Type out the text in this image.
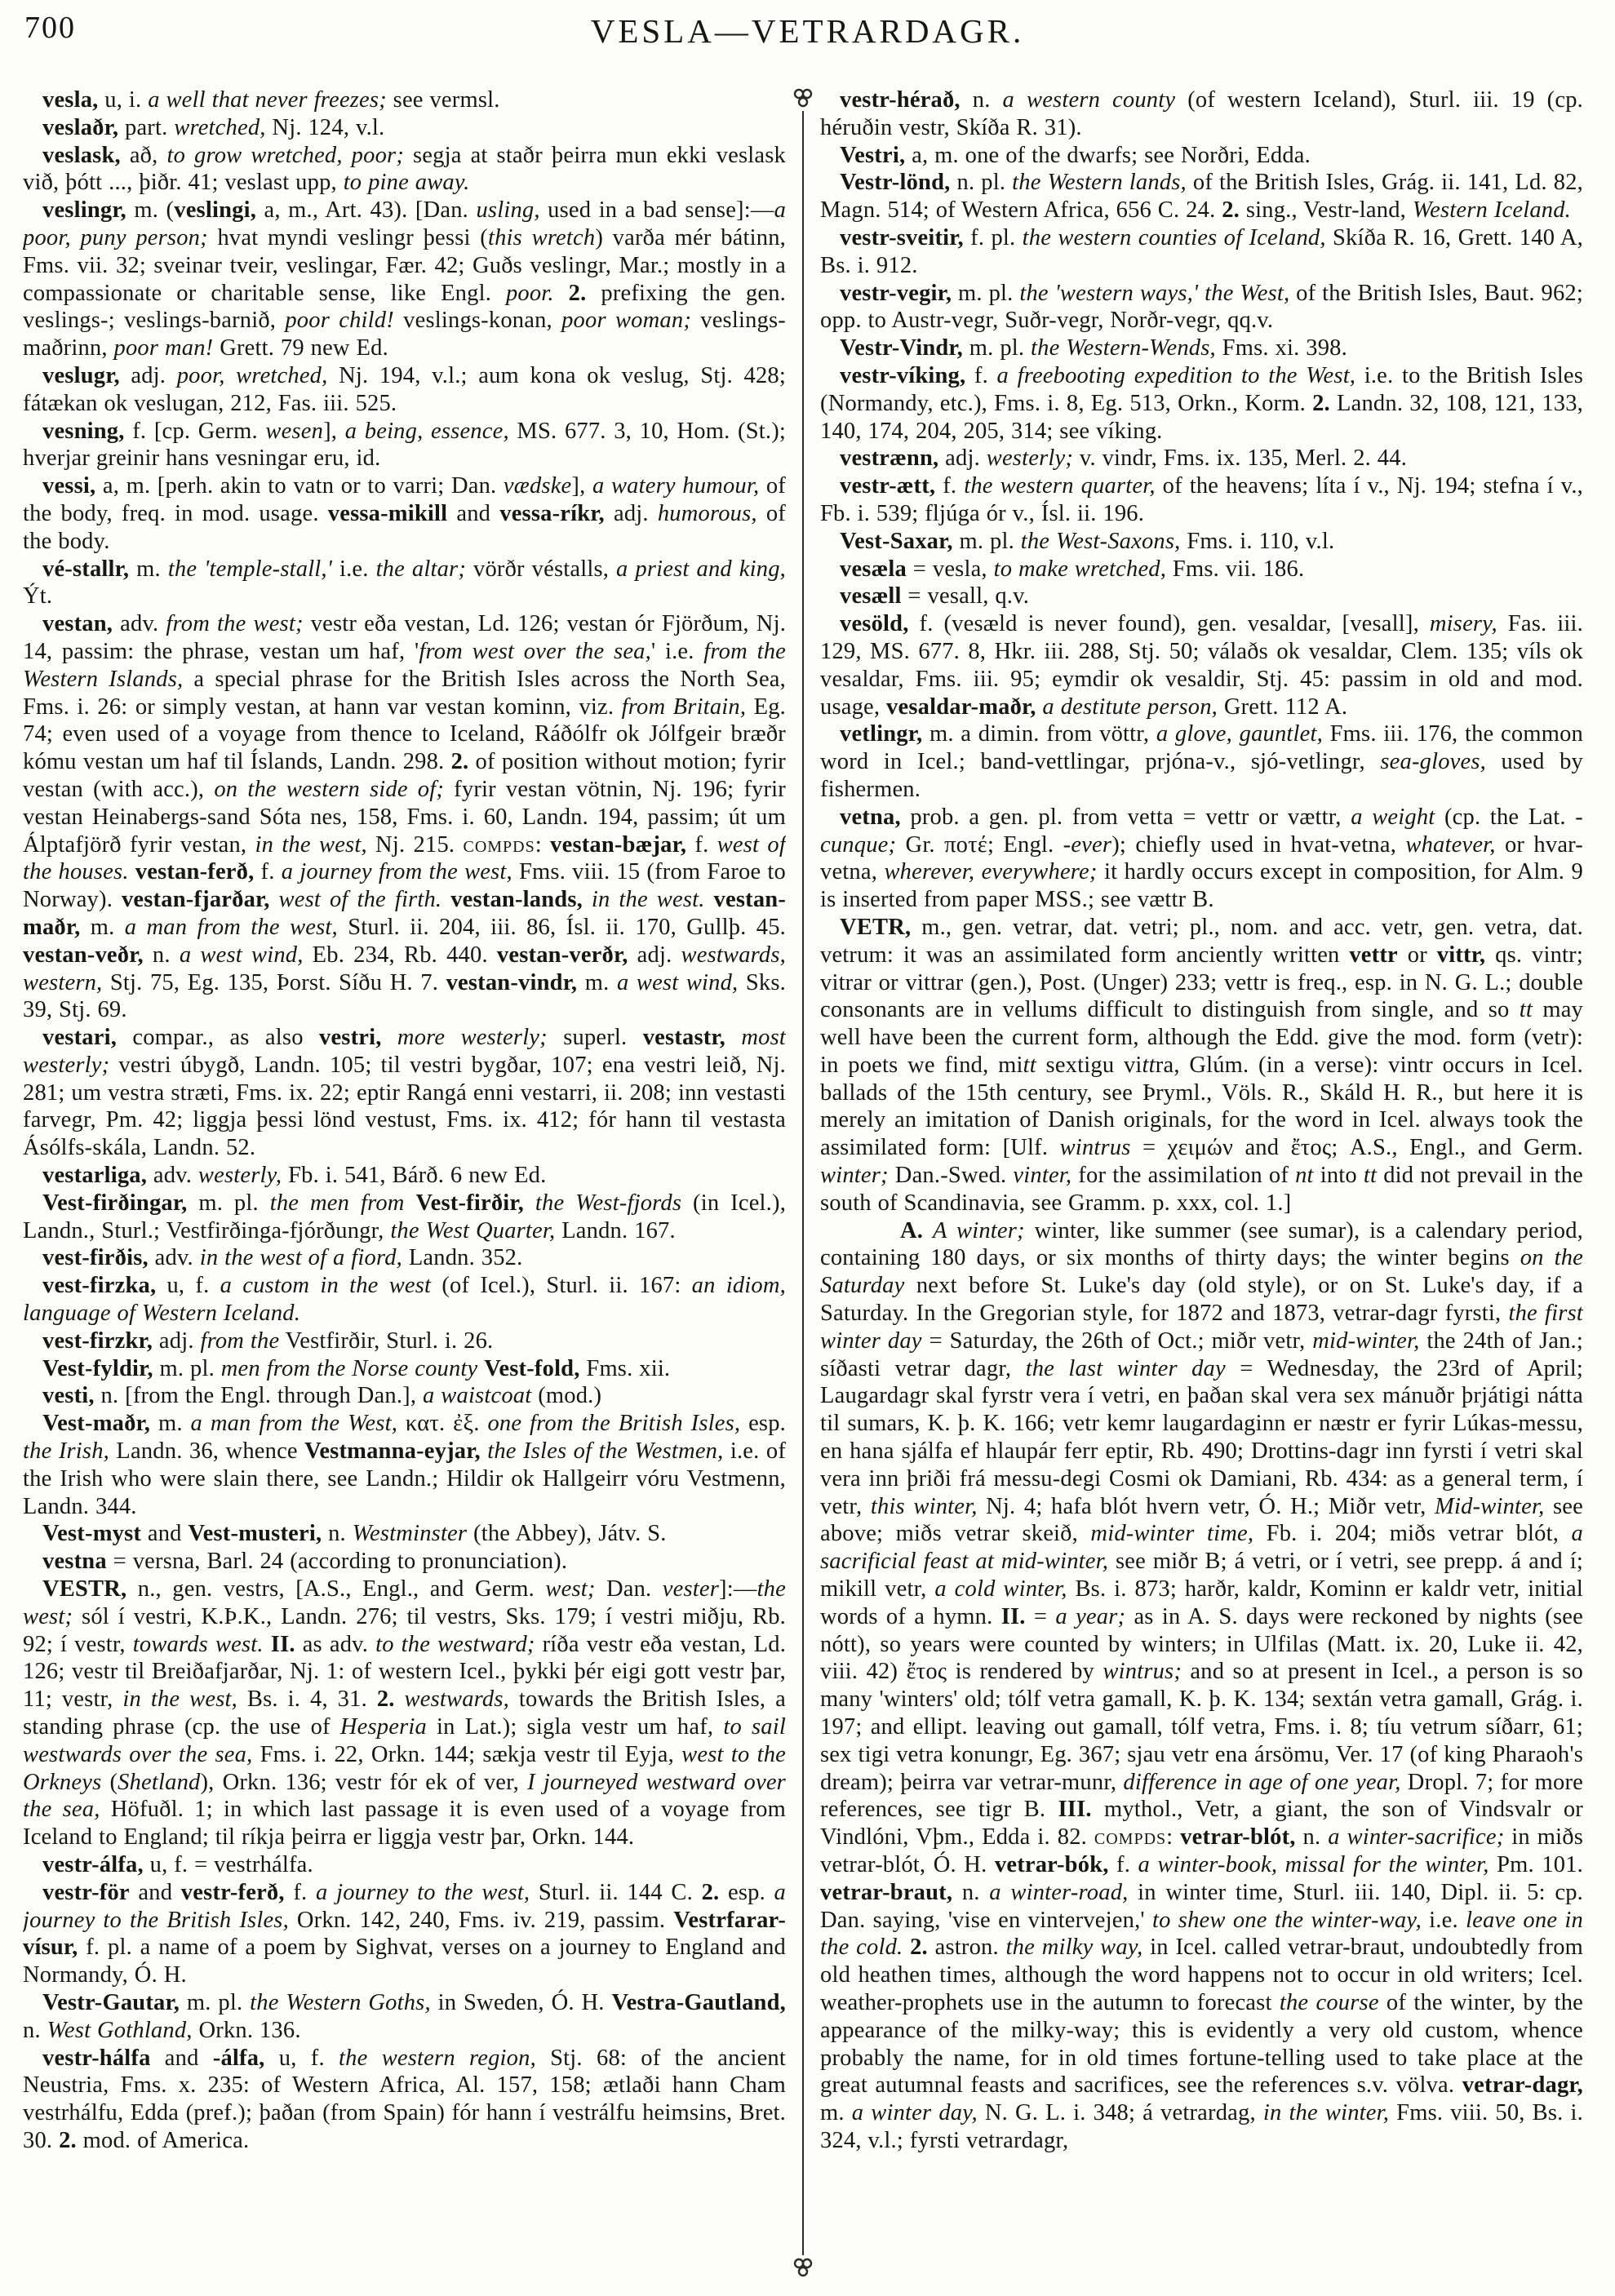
700	VESLA—VETRARDAGR.

vesla, u, i. a well that never freezes; see vermsl.

veslaðr, part. wretched, Nj. 124, v.l.

veslask, að, to grow wretched, poor; segja at staðr þeirra mun ekki veslask við, þótt ..., þiðr. 41; veslast upp, to pine away.

veslingr, m. (veslingi, a, m., Art. 43). [Dan. usling, used in a bad sense]:—a poor, puny person; hvat myndi veslingr þessi (this wretch) varða mér bátinn, Fms. vii. 32; sveinar tveir, veslingar, Fær. 42; Guðs veslingr, Mar.; mostly in a compassionate or charitable sense, like Engl. poor. 2. prefixing the gen. veslings-; veslings-barnið, poor child! veslings-konan, poor woman; veslings-maðrinn, poor man! Grett. 79 new Ed.

veslugr, adj. poor, wretched, Nj. 194, v.l.; aum kona ok veslug, Stj. 428; fátækan ok veslugan, 212, Fas. iii. 525.

vesning, f. [cp. Germ. wesen], a being, essence, MS. 677. 3, 10, Hom. (St.); hverjar greinir hans vesningar eru, id.

vessi, a, m. [perh. akin to vatn or to varri; Dan. vædske], a watery humour, of the body, freq. in mod. usage. vessa-mikill and vessa-ríkr, adj. humorous, of the body.

vé-stallr, m. the 'temple-stall,' i.e. the altar; vörðr véstalls, a priest and king, Ýt.

vestan, adv. from the west; vestr eða vestan, Ld. 126; vestan ór Fjörðum, Nj. 14, passim: the phrase, vestan um haf, 'from west over the sea,' i.e. from the Western Islands, a special phrase for the British Isles across the North Sea, Fms. i. 26: or simply vestan, at hann var vestan kominn, viz. from Britain, Eg. 74; even used of a voyage from thence to Iceland, Ráðólfr ok Jólfgeir bræðr kómu vestan um haf til Íslands, Landn. 298. 2. of position without motion; fyrir vestan (with acc.), on the western side of; fyrir vestan vötnin, Nj. 196; fyrir vestan Heinabergs-sand Sóta nes, 158, Fms. i. 60, Landn. 194, passim; út um Álptafjörð fyrir vestan, in the west, Nj. 215. compds: vestan-bæjar, f. west of the houses. vestan-ferð, f. a journey from the west, Fms. viii. 15 (from Faroe to Norway). vestan-fjarðar, west of the firth. vestan-lands, in the west. vestan-maðr, m. a man from the west, Sturl. ii. 204, iii. 86, Ísl. ii. 170, Gullþ. 45. vestan-veðr, n. a west wind, Eb. 234, Rb. 440. vestan-verðr, adj. westwards, western, Stj. 75, Eg. 135, Þorst. Síðu H. 7. vestan-vindr, m. a west wind, Sks. 39, Stj. 69.

vestari, compar., as also vestri, more westerly; superl. vestastr, most westerly; vestri úbygð, Landn. 105; til vestri bygðar, 107; ena vestri leið, Nj. 281; um vestra stræti, Fms. ix. 22; eptir Rangá enni vestarri, ii. 208; inn vestasti farvegr, Pm. 42; liggja þessi lönd vestust, Fms. ix. 412; fór hann til vestasta Ásólfs-skála, Landn. 52.

vestarliga, adv. westerly, Fb. i. 541, Bárð. 6 new Ed.

Vest-firðingar, m. pl. the men from Vest-firðir, the West-fjords (in Icel.), Landn., Sturl.; Vestfirðinga-fjórðungr, the West Quarter, Landn. 167.

vest-firðis, adv. in the west of a fiord, Landn. 352.

vest-firzka, u, f. a custom in the west (of Icel.), Sturl. ii. 167: an idiom, language of Western Iceland.

vest-firzkr, adj. from the Vestfirðir, Sturl. i. 26.

Vest-fyldir, m. pl. men from the Norse county Vest-fold, Fms. xii.

vesti, n. [from the Engl. through Dan.], a waistcoat (mod.)

Vest-maðr, m. a man from the West, κατ. ἐξ. one from the British Isles, esp. the Irish, Landn. 36, whence Vestmanna-eyjar, the Isles of the Westmen, i.e. of the Irish who were slain there, see Landn.; Hildir ok Hallgeirr vóru Vestmenn, Landn. 344.

Vest-myst and Vest-musteri, n. Westminster (the Abbey), Játv. S.

vestna = versna, Barl. 24 (according to pronunciation).

VESTR, n., gen. vestrs, [A.S., Engl., and Germ. west; Dan. vester]:—the west; sól í vestri, K.Þ.K., Landn. 276; til vestrs, Sks. 179; í vestri miðju, Rb. 92; í vestr, towards west. II. as adv. to the westward; ríða vestr eða vestan, Ld. 126; vestr til Breiðafjarðar, Nj. 1: of western Icel., þykki þér eigi gott vestr þar, 11; vestr, in the west, Bs. i. 4, 31. 2. westwards, towards the British Isles, a standing phrase (cp. the use of Hesperia in Lat.); sigla vestr um haf, to sail westwards over the sea, Fms. i. 22, Orkn. 144; sækja vestr til Eyja, west to the Orkneys (Shetland), Orkn. 136; vestr fór ek of ver, I journeyed westward over the sea, Höfuðl. 1; in which last passage it is even used of a voyage from Iceland to England; til ríkja þeirra er liggja vestr þar, Orkn. 144.

vestr-álfa, u, f. = vestrhálfa.

vestr-för and vestr-ferð, f. a journey to the west, Sturl. ii. 144 C. 2. esp. a journey to the British Isles, Orkn. 142, 240, Fms. iv. 219, passim. Vestrfarar-vísur, f. pl. a name of a poem by Sighvat, verses on a journey to England and Normandy, Ó. H.

Vestr-Gautar, m. pl. the Western Goths, in Sweden, Ó. H. Vestra-Gautland, n. West Gothland, Orkn. 136.

vestr-hálfa and -álfa, u, f. the western region, Stj. 68: of the ancient Neustria, Fms. x. 235: of Western Africa, Al. 157, 158; ætlaði hann Cham vestrhálfu, Edda (pref.); þaðan (from Spain) fór hann í vestrálfu heimsins, Bret. 30. 2. mod. of America.

vestr-hérað, n. a western county (of western Iceland), Sturl. iii. 19 (cp. héruðin vestr, Skíða R. 31).

Vestri, a, m. one of the dwarfs; see Norðri, Edda.

Vestr-lönd, n. pl. the Western lands, of the British Isles, Grág. ii. 141, Ld. 82, Magn. 514; of Western Africa, 656 C. 24. 2. sing., Vestr-land, Western Iceland.

vestr-sveitir, f. pl. the western counties of Iceland, Skíða R. 16, Grett. 140 A, Bs. i. 912.

vestr-vegir, m. pl. the 'western ways,' the West, of the British Isles, Baut. 962; opp. to Austr-vegr, Suðr-vegr, Norðr-vegr, qq.v.

Vestr-Vindr, m. pl. the Western-Wends, Fms. xi. 398.

vestr-víking, f. a freebooting expedition to the West, i.e. to the British Isles (Normandy, etc.), Fms. i. 8, Eg. 513, Orkn., Korm. 2. Landn. 32, 108, 121, 133, 140, 174, 204, 205, 314; see víking.

vestrænn, adj. westerly; v. vindr, Fms. ix. 135, Merl. 2. 44.

vestr-ætt, f. the western quarter, of the heavens; líta í v., Nj. 194; stefna í v., Fb. i. 539; fljúga ór v., Ísl. ii. 196.

Vest-Saxar, m. pl. the West-Saxons, Fms. i. 110, v.l.

vesæla = vesla, to make wretched, Fms. vii. 186.

vesæll = vesall, q.v.

vesöld, f. (vesæld is never found), gen. vesaldar, [vesall], misery, Fas. iii. 129, MS. 677. 8, Hkr. iii. 288, Stj. 50; válaðs ok vesaldar, Clem. 135; víls ok vesaldar, Fms. iii. 95; eymdir ok vesaldir, Stj. 45: passim in old and mod. usage, vesaldar-maðr, a destitute person, Grett. 112 A.

vetlingr, m. a dimin. from vöttr, a glove, gauntlet, Fms. iii. 176, the common word in Icel.; band-vettlingar, prjóna-v., sjó-vetlingr, sea-gloves, used by fishermen.

vetna, prob. a gen. pl. from vetta = vettr or vættr, a weight (cp. the Lat. -cunque; Gr. ποτέ; Engl. -ever); chiefly used in hvat-vetna, whatever, or hvar-vetna, wherever, everywhere; it hardly occurs except in composition, for Alm. 9 is inserted from paper MSS.; see vættr B.

VETR, m., gen. vetrar, dat. vetri; pl., nom. and acc. vetr, gen. vetra, dat. vetrum: it was an assimilated form anciently written vettr or vittr, qs. vintr; vitrar or vittrar (gen.), Post. (Unger) 233; vettr is freq., esp. in N. G. L.; double consonants are in vellums difficult to distinguish from single, and so tt may well have been the current form, although the Edd. give the mod. form (vetr): in poets we find, mitt sextigu vittra, Glúm. (in a verse): vintr occurs in Icel. ballads of the 15th century, see Þryml., Völs. R., Skáld H. R., but here it is merely an imitation of Danish originals, for the word in Icel. always took the assimilated form: [Ulf. wintrus = χειμών and ἔτος; A.S., Engl., and Germ. winter; Dan.-Swed. vinter, for the assimilation of nt into tt did not prevail in the south of Scandinavia, see Gramm. p. xxx, col. 1.]

A. A winter; winter, like summer (see sumar), is a calendary period, containing 180 days, or six months of thirty days; the winter begins on the Saturday next before St. Luke's day (old style), or on St. Luke's day, if a Saturday. In the Gregorian style, for 1872 and 1873, vetrar-dagr fyrsti, the first winter day = Saturday, the 26th of Oct.; miðr vetr, mid-winter, the 24th of Jan.; síðasti vetrar dagr, the last winter day = Wednesday, the 23rd of April; Laugardagr skal fyrstr vera í vetri, en þaðan skal vera sex mánuðr þrjátigi nátta til sumars, K. þ. K. 166; vetr kemr laugardaginn er næstr er fyrir Lúkas-messu, en hana sjálfa ef hlaupár ferr eptir, Rb. 490; Drottins-dagr inn fyrsti í vetri skal vera inn þriði frá messu-degi Cosmi ok Damiani, Rb. 434: as a general term, í vetr, this winter, Nj. 4; hafa blót hvern vetr, Ó. H.; Miðr vetr, Mid-winter, see above; miðs vetrar skeið, mid-winter time, Fb. i. 204; miðs vetrar blót, a sacrificial feast at mid-winter, see miðr B; á vetri, or í vetri, see prepp. á and í; mikill vetr, a cold winter, Bs. i. 873; harðr, kaldr, Kominn er kaldr vetr, initial words of a hymn. II. = a year; as in A. S. days were reckoned by nights (see nótt), so years were counted by winters; in Ulfilas (Matt. ix. 20, Luke ii. 42, viii. 42) ἔτος is rendered by wintrus; and so at present in Icel., a person is so many 'winters' old; tólf vetra gamall, K. þ. K. 134; sextán vetra gamall, Grág. i. 197; and ellipt. leaving out gamall, tólf vetra, Fms. i. 8; tíu vetrum síðarr, 61; sex tigi vetra konungr, Eg. 367; sjau vetr ena ársömu, Ver. 17 (of king Pharaoh's dream); þeirra var vetrar-munr, difference in age of one year, Dropl. 7; for more references, see tigr B. III. mythol., Vetr, a giant, the son of Vindsvalr or Vindlóni, Vþm., Edda i. 82. compds: vetrar-blót, n. a winter-sacrifice; in miðs vetrar-blót, Ó. H. vetrar-bók, f. a winter-book, missal for the winter, Pm. 101. vetrar-braut, n. a winter-road, in winter time, Sturl. iii. 140, Dipl. ii. 5: cp. Dan. saying, 'vise en vintervejen,' to shew one the winter-way, i.e. leave one in the cold. 2. astron. the milky way, in Icel. called vetrar-braut, undoubtedly from old heathen times, although the word happens not to occur in old writers; Icel. weather-prophets use in the autumn to forecast the course of the winter, by the appearance of the milky-way; this is evidently a very old custom, whence probably the name, for in old times fortune-telling used to take place at the great autumnal feasts and sacrifices, see the references s.v. völva. vetrar-dagr, m. a winter day, N. G. L. i. 348; á vetrardag, in the winter, Fms. viii. 50, Bs. i. 324, v.l.; fyrsti vetrardagr,
